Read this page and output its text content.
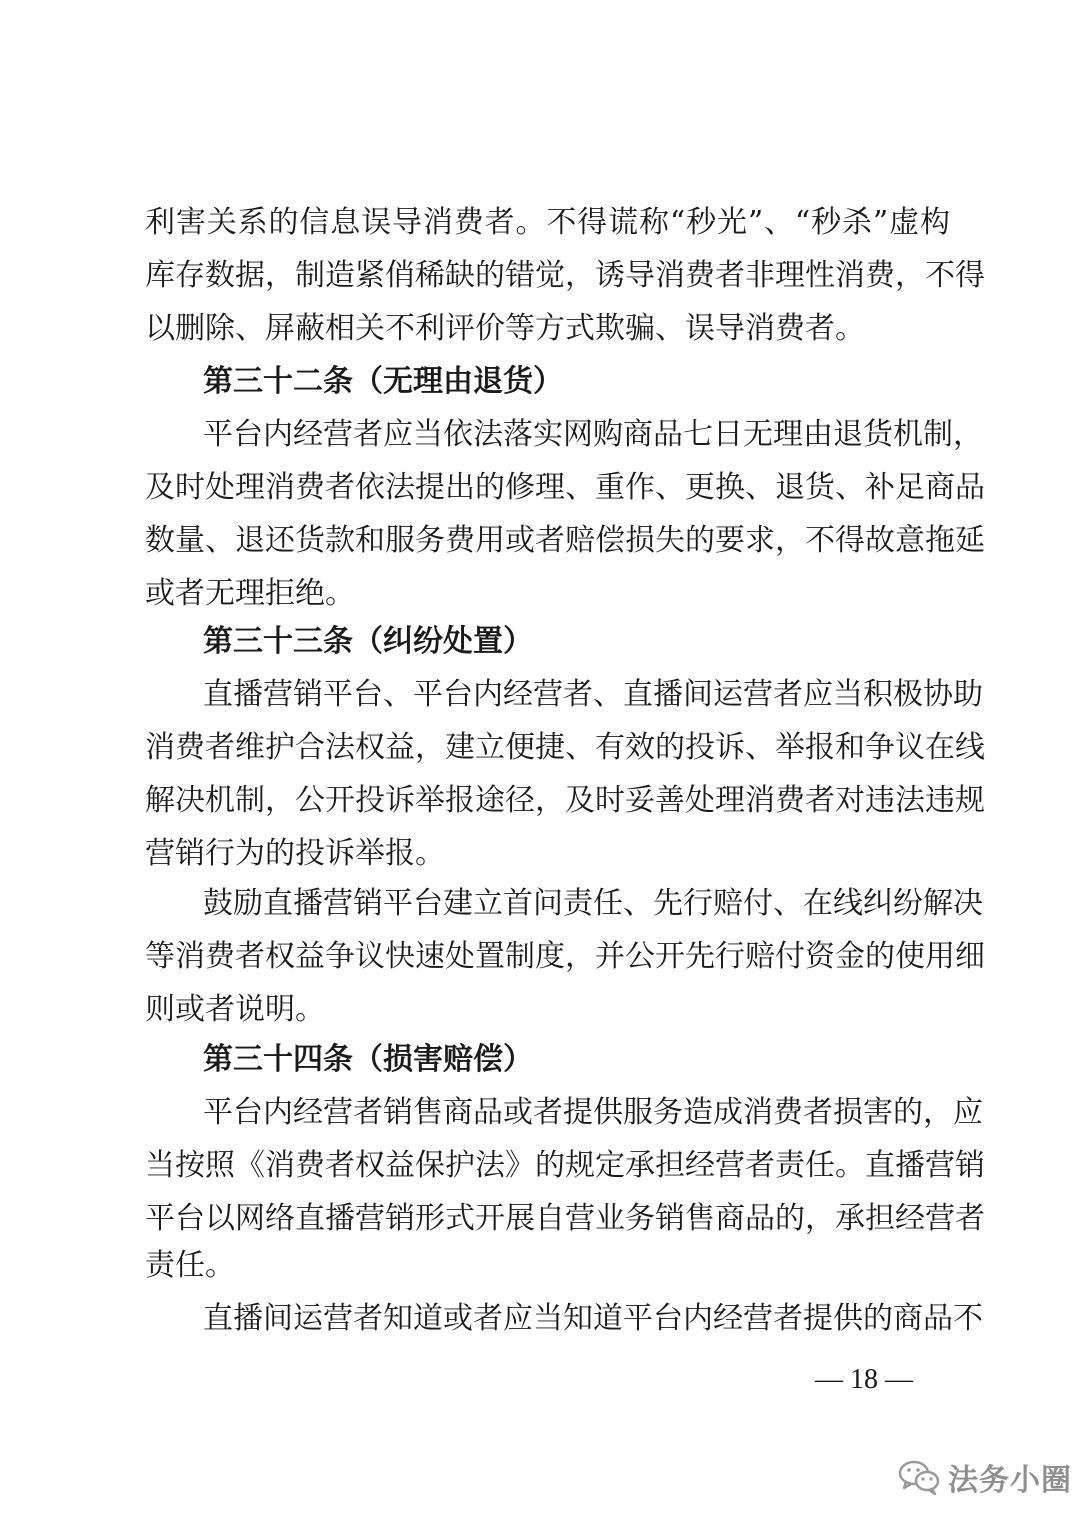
利害关系的信息误导消费者。不得谎称“秒光”、“秒杀”虚构
库存数据，制造紧俏稀缺的错觉，诱导消费者非理性消费，不得
以删除、屏蔽相关不利评价等方式欺骗、误导消费者。
第三十二条（无理由退货）
平台内经营者应当依法落实网购商品七日无理由退货机制，
及时处理消费者依法提出的修理、重作、更换、退货、补足商品
数量、退还货款和服务费用或者赔偿损失的要求，不得故意拖延
或者无理拒绝。
第三十三条（纠纷处置）
直播营销平台、平台内经营者、直播间运营者应当积极协助
消费者维护合法权益，建立便捷、有效的投诉、举报和争议在线
解决机制，公开投诉举报途径，及时妥善处理消费者对违法违规
营销行为的投诉举报。
鼓励直播营销平台建立首问责任、先行赔付、在线纠纷解决
等消费者权益争议快速处置制度，并公开先行赔付资金的使用细
则或者说明。
第三十四条（损害赔偿）
平台内经营者销售商品或者提供服务造成消费者损害的，应
当按照《消费者权益保护法》的规定承担经营者责任。直播营销
平台以网络直播营销形式开展自营业务销售商品的，承担经营者
责任。
直播间运营者知道或者应当知道平台内经营者提供的商品不
— 18 —
法务小圈
